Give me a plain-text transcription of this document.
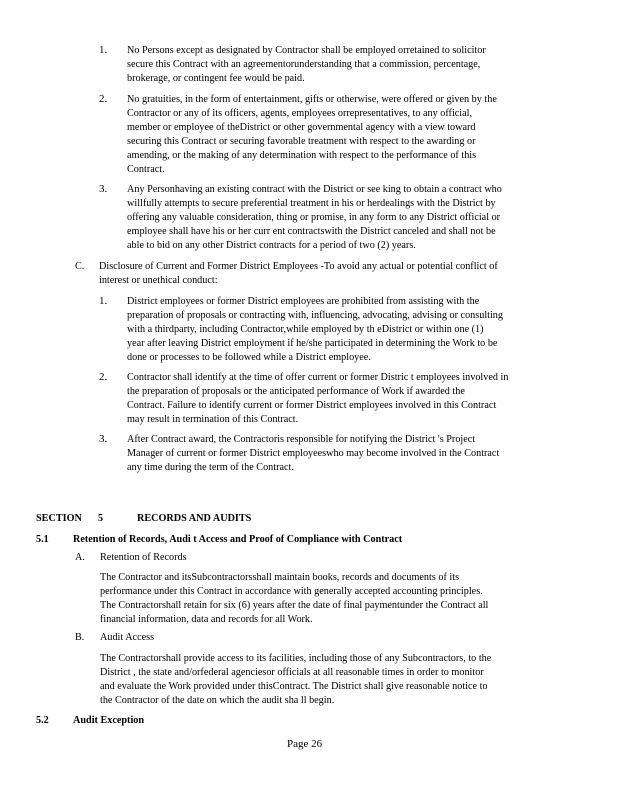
1. No Persons except as designated by Contractor shall be employed orretained to solicitor
secure this Contract with an agreementorunderstanding that a commission, percentage,
brokerage, or contingent fee would be paid.
2. No gratuities, in the form of entertainment, gifts or otherwise, were offered or given by the
Contractor or any of its officers, agents, employees orrepresentatives, to any official,
member or employee of theDistrict or other governmental agency with a view toward
securing this Contract or securing favorable treatment with respect to the awarding or
amending, or the making of any determination with respect to the performance of this
Contract.
3. Any Personhaving an existing contract with the District or see king to obtain a contract who
willfully attempts to secure preferential treatment in his or herdealings with the District by
offering any valuable consideration, thing or promise, in any form to any District official or
employee shall have his or her curr ent contractswith the District canceled and shall not be
able to bid on any other District contracts for a period of two (2) years.
C. Disclosure of Current and Former District Employees -To avoid any actual or potential conflict of
interest or unethical conduct:
1. District employees or former District employees are prohibited from assisting with the
preparation of proposals or contracting with, influencing, advocating, advising or consulting
with a thirdparty, including Contractor,while employed by th eDistrict or within one (1)
year after leaving District employment if he/she participated in determining the Work to be
done or processes to be followed while a District employee.
2. Contractor shall identify at the time of offer current or former Distric t employees involved in
the preparation of proposals or the anticipated performance of Work if awarded the
Contract. Failure to identify current or former District employees involved in this Contract
may result in termination of this Contract.
3. After Contract award, the Contractoris responsible for notifying the District 's Project
Manager of current or former District employeeswho may become involved in the Contract
any time during the term of the Contract.
SECTION 5	RECORDS AND AUDITS
5.1 Retention of Records, Audi t Access and Proof of Compliance with Contract
A. Retention of Records
The Contractor and itsSubcontractorsshall maintain books, records and documents of its
performance under this Contract in accordance with generally accepted accounting principles.
The Contractorshall retain for six (6) years after the date of final paymentunder the Contract all
financial information, data and records for all Work.
B. Audit Access
The Contractorshall provide access to its facilities, including those of any Subcontractors, to the
District , the state and/orfederal agenciesor officials at all reasonable times in order to monitor
and evaluate the Work provided under thisContract. The District shall give reasonable notice to
the Contractor of the date on which the audit sha ll begin.
5.2 Audit Exception
Page 26
